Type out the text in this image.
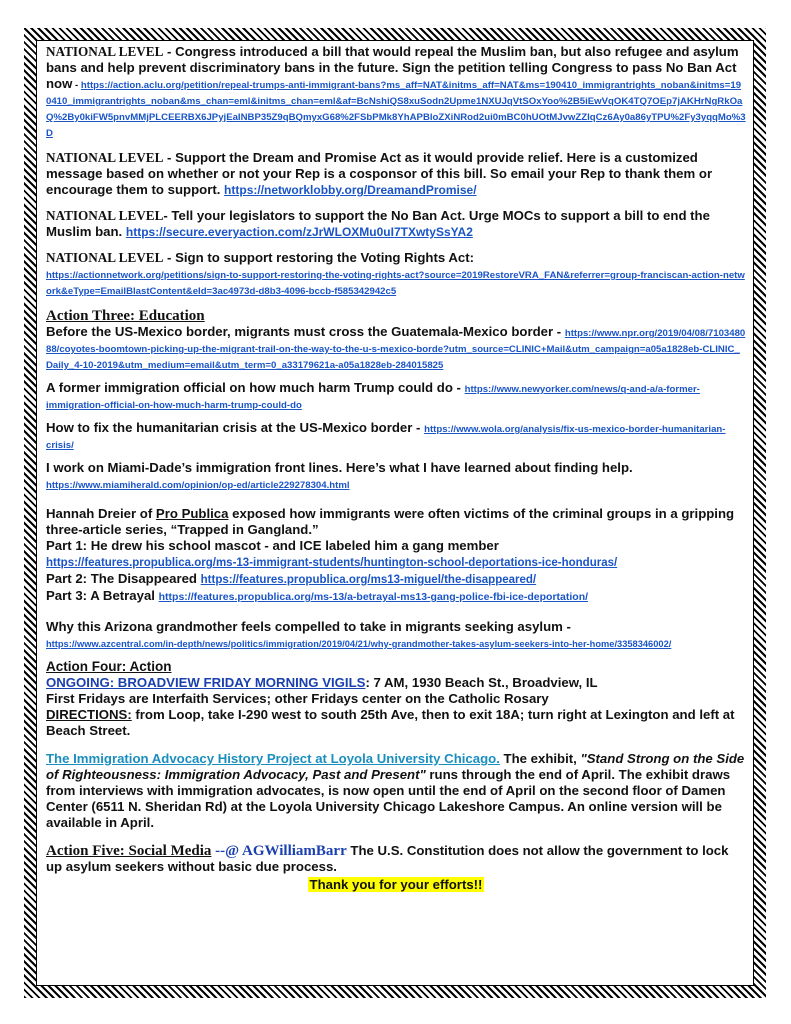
NATIONAL LEVEL - Congress introduced a bill that would repeal the Muslim ban, but also refugee and asylum bans and help prevent discriminatory bans in the future. Sign the petition telling Congress to pass No Ban Act now - https://action.aclu.org/petition/repeal-trumps-anti-immigrant-bans?ms_aff=NAT&initms_aff=NAT&ms=190410_immigrantrights_noban&initms=190410_immigrantrights_noban&ms_chan=eml&initms_chan=eml&af=BcNshiQS8xuSodn2Upme1NXUJqVtSOxYoo%2B5iEwVqOK4TQ7OEp7jAKHrNgRkOaQ%2By0kiFW5pnvMMjPLCEERBX6JPyjEaINBP35Z9qBQmyxG68%2FSbPMk8YhAPBloZXiNRod2ui0mBC0hUOtMJvwZZIqCz6Ay0a86yTPU%2Fy3yqqMo%3D

NATIONAL LEVEL - Support the Dream and Promise Act as it would provide relief. Here is a customized message based on whether or not your Rep is a cosponsor of this bill. So email your Rep to thank them or encourage them to support. https://networklobby.org/DreamandPromise/

NATIONAL LEVEL- Tell your legislators to support the No Ban Act. Urge MOCs to support a bill to end the Muslim ban. https://secure.everyaction.com/zJrWLOXMu0uI7TXwtySsYA2

NATIONAL LEVEL - Sign to support restoring the Voting Rights Act:
https://actionnetwork.org/petitions/sign-to-support-restoring-the-voting-rights-act?source=2019RestoreVRA_FAN&referrer=group-franciscan-action-network&eType=EmailBlastContent&eId=3ac4973d-d8b3-4096-bccb-f585342942c5

Action Three: Education

Before the US-Mexico border, migrants must cross the Guatemala-Mexico border - https://www.npr.org/2019/04/08/710348088/coyotes-boomtown-picking-up-the-migrant-trail-on-the-way-to-the-u-s-mexico-borde?utm_source=CLINIC+Mail&utm_campaign=a05a1828eb-CLINIC_Daily_4-10-2019&utm_medium=email&utm_term=0_a33179621a-a05a1828eb-284015825

A former immigration official on how much harm Trump could do - https://www.newyorker.com/news/q-and-a/a-former-immigration-official-on-how-much-harm-trump-could-do

How to fix the humanitarian crisis at the US-Mexico border - https://www.wola.org/analysis/fix-us-mexico-border-humanitarian-crisis/

I work on Miami-Dade’s immigration front lines. Here’s what I have learned about finding help.
https://www.miamiherald.com/opinion/op-ed/article229278304.html

Hannah Dreier of Pro Publica exposed how immigrants were often victims of the criminal groups in a gripping three-article series, “Trapped in Gangland.”
Part 1: He drew his school mascot - and ICE labeled him a gang member
https://features.propublica.org/ms-13-immigrant-students/huntington-school-deportations-ice-honduras/
Part 2: The Disappeared https://features.propublica.org/ms13-miguel/the-disappeared/
Part 3: A Betrayal https://features.propublica.org/ms-13/a-betrayal-ms13-gang-police-fbi-ice-deportation/

Why this Arizona grandmother feels compelled to take in migrants seeking asylum -
https://www.azcentral.com/in-depth/news/politics/immigration/2019/04/21/why-grandmother-takes-asylum-seekers-into-her-home/3358346002/

Action Four: Action

ONGOING: BROADVIEW FRIDAY MORNING VIGILS: 7 AM, 1930 Beach St., Broadview, IL
First Fridays are Interfaith Services; other Fridays center on the Catholic Rosary
DIRECTIONS: from Loop, take I-290 west to south 25th Ave, then to exit 18A; turn right at Lexington and left at Beach Street.

The Immigration Advocacy History Project at Loyola University Chicago. The exhibit, "Stand Strong on the Side of Righteousness: Immigration Advocacy, Past and Present" runs through the end of April. The exhibit draws from interviews with immigration advocates, is now open until the end of April on the second floor of Damen Center (6511 N. Sheridan Rd) at the Loyola University Chicago Lakeshore Campus. An online version will be available in April.

Action Five: Social Media --@ AGWilliamBarr The U.S. Constitution does not allow the government to lock up asylum seekers without basic due process.

Thank you for your efforts!!
